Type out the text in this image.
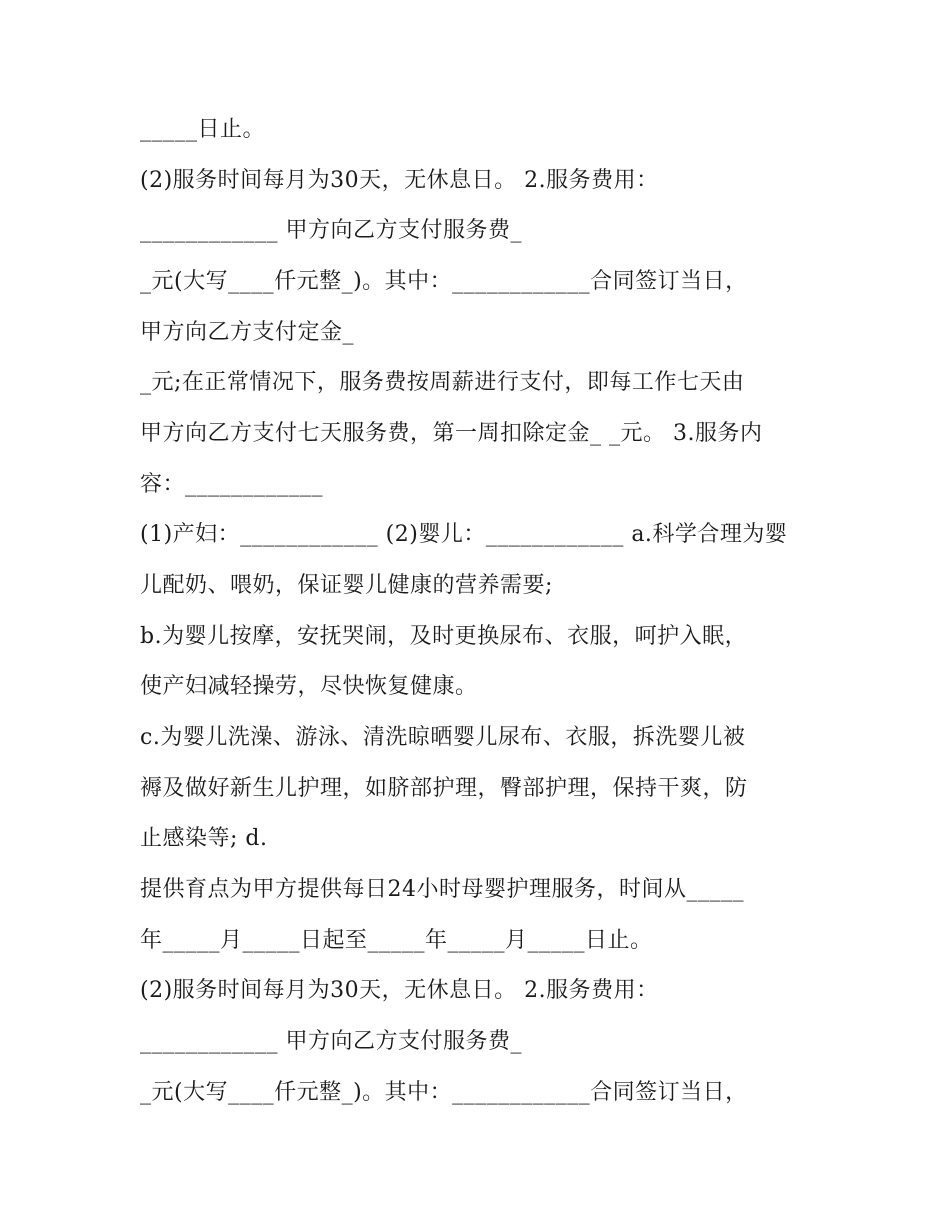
_____日止。
(2)服务时间每月为30天，无休息日。 2.服务费用：
____________ 甲方向乙方支付服务费_
_元(大写____仟元整_)。其中：____________合同签订当日，
甲方向乙方支付定金_
_元;在正常情况下，服务费按周薪进行支付，即每工作七天由
甲方向乙方支付七天服务费，第一周扣除定金_ _元。 3.服务内
容：____________
(1)产妇：____________ (2)婴儿：____________ a.科学合理为婴
儿配奶、喂奶，保证婴儿健康的营养需要;
b.为婴儿按摩，安抚哭闹，及时更换尿布、衣服，呵护入眠，
使产妇减轻操劳，尽快恢复健康。
c.为婴儿洗澡、游泳、清洗晾晒婴儿尿布、衣服，拆洗婴儿被
褥及做好新生儿护理，如脐部护理，臀部护理，保持干爽，防
止感染等; d.
提供育点为甲方提供每日24小时母婴护理服务，时间从_____
年_____月_____日起至_____年_____月_____日止。
(2)服务时间每月为30天，无休息日。 2.服务费用：
____________ 甲方向乙方支付服务费_
_元(大写____仟元整_)。其中：____________合同签订当日，
